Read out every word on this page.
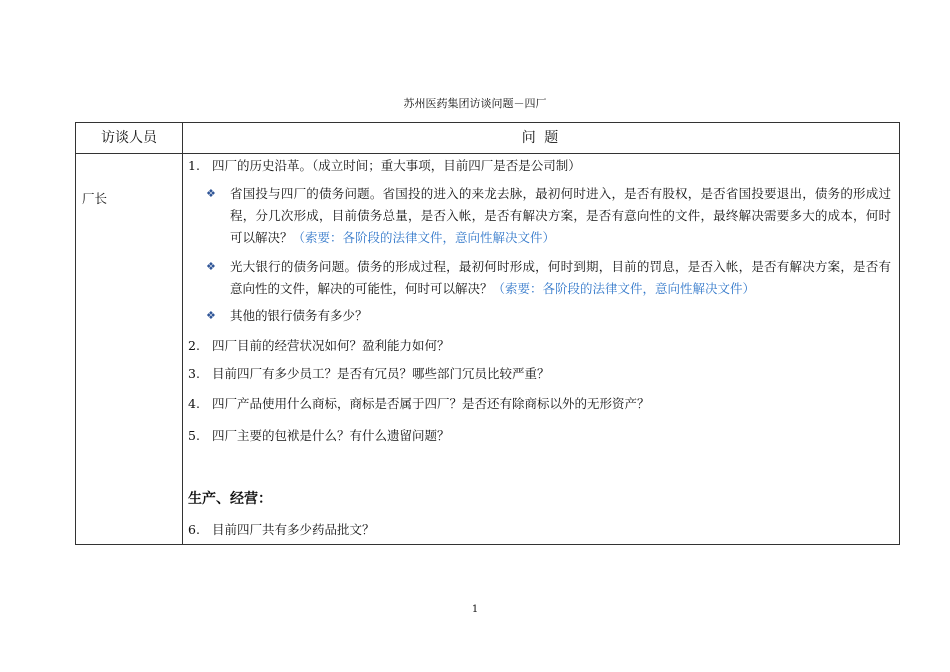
苏州医药集团访谈问题－四厂
访谈人员	问 题
厂长
1. 四厂的历史沿革。（成立时间；重大事项，目前四厂是否是公司制）
❖	省国投与四厂的债务问题。省国投的进入的来龙去脉，最初何时进入，是否有股权，是否省国投要退出，债务的形成过程，分几次形成，目前债务总量，是否入帐，是否有解决方案，是否有意向性的文件，最终解决需要多大的成本，何时可以解决？（索要：各阶段的法律文件，意向性解决文件）
❖	光大银行的债务问题。债务的形成过程，最初何时形成，何时到期，目前的罚息，是否入帐，是否有解决方案，是否有意向性的文件，解决的可能性，何时可以解决？（索要：各阶段的法律文件，意向性解决文件）
❖	其他的银行债务有多少？
2. 四厂目前的经营状况如何？盈利能力如何？
3. 目前四厂有多少员工？是否有冗员？哪些部门冗员比较严重？
4. 四厂产品使用什么商标，商标是否属于四厂？是否还有除商标以外的无形资产？
5. 四厂主要的包袱是什么？有什么遗留问题？
生产、经营：
6. 目前四厂共有多少药品批文？
1
